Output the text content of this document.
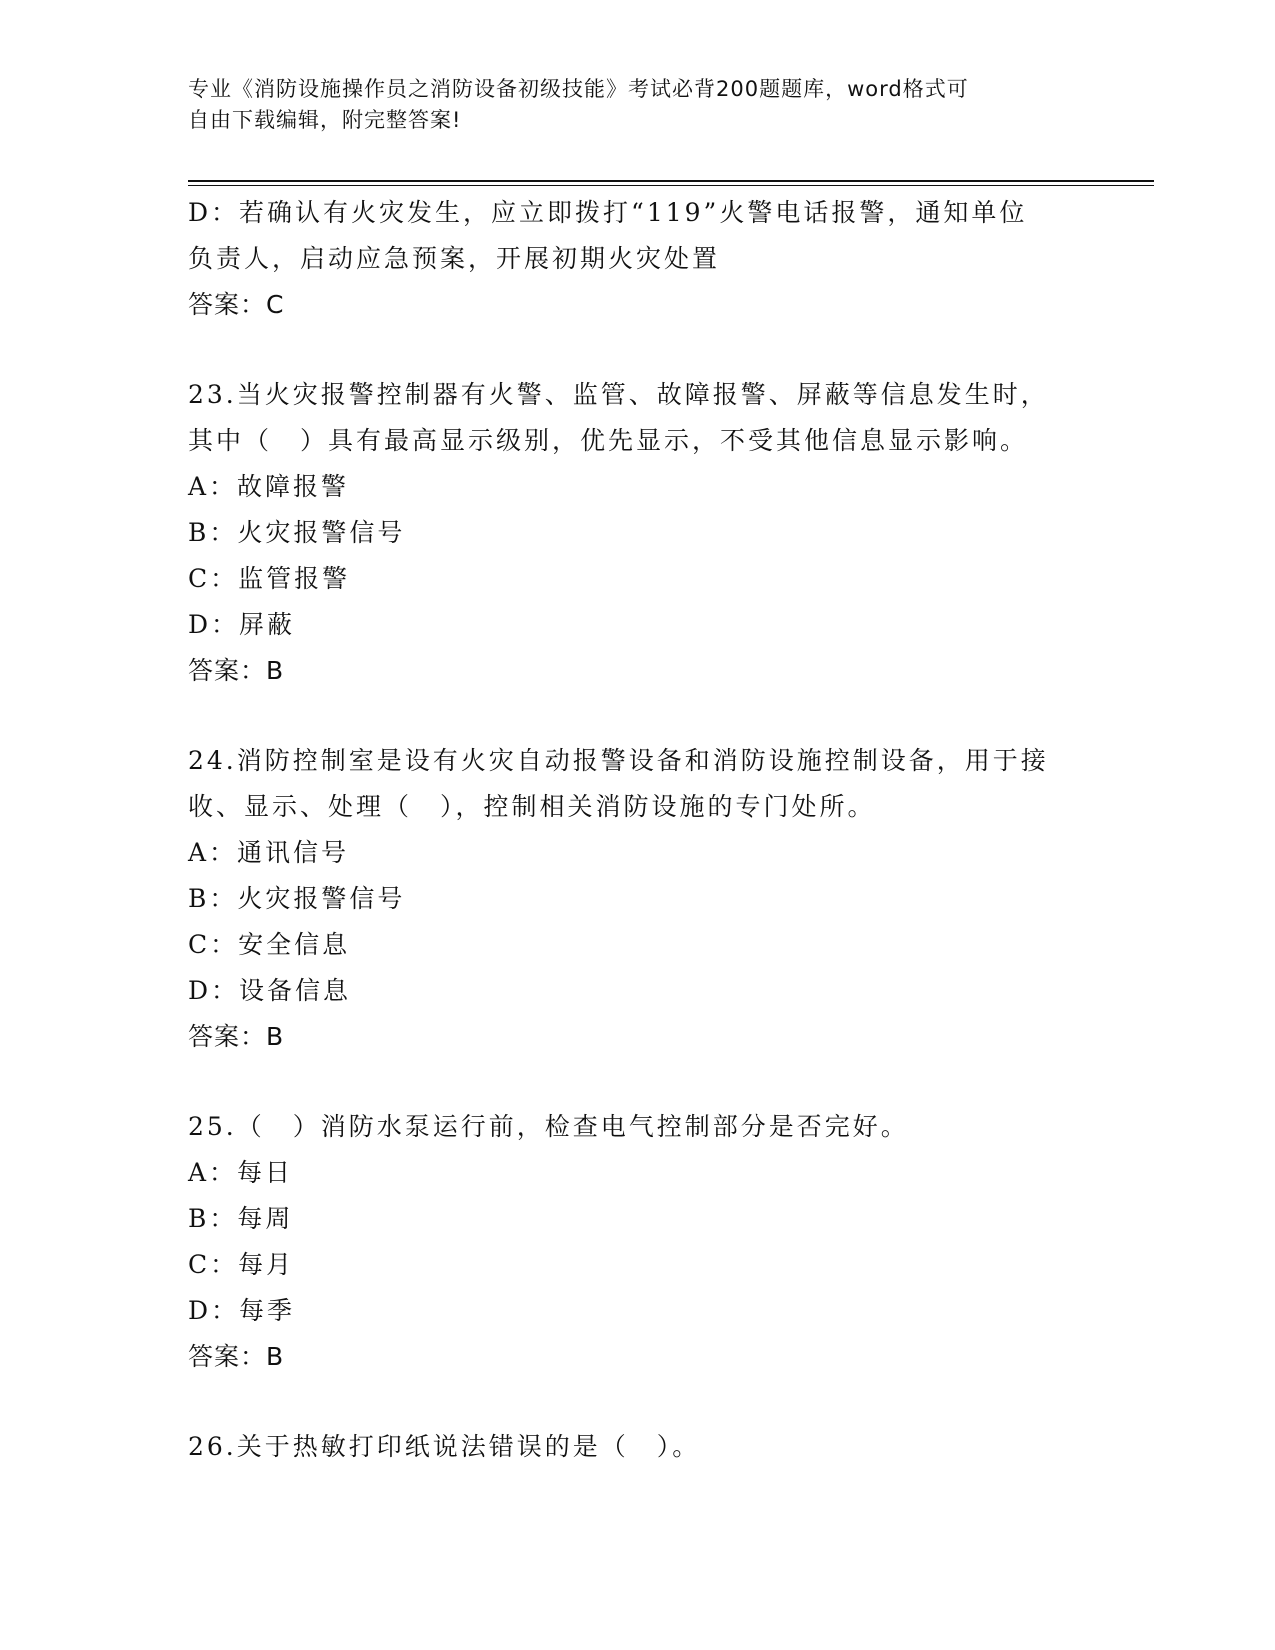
专业《消防设施操作员之消防设备初级技能》考试必背200题题库，word格式可
自由下载编辑，附完整答案!
D：若确认有火灾发生，应立即拨打“119”火警电话报警，通知单位
负责人，启动应急预案，开展初期火灾处置
答案：C
23.当火灾报警控制器有火警、监管、故障报警、屏蔽等信息发生时，
其中（　）具有最高显示级别，优先显示，不受其他信息显示影响。
A：故障报警
B：火灾报警信号
C：监管报警
D：屏蔽
答案：B
24.消防控制室是设有火灾自动报警设备和消防设施控制设备，用于接
收、显示、处理（　），控制相关消防设施的专门处所。
A：通讯信号
B：火灾报警信号
C：安全信息
D：设备信息
答案：B
25.（　）消防水泵运行前，检查电气控制部分是否完好。
A：每日
B：每周
C：每月
D：每季
答案：B
26.关于热敏打印纸说法错误的是（　）。
